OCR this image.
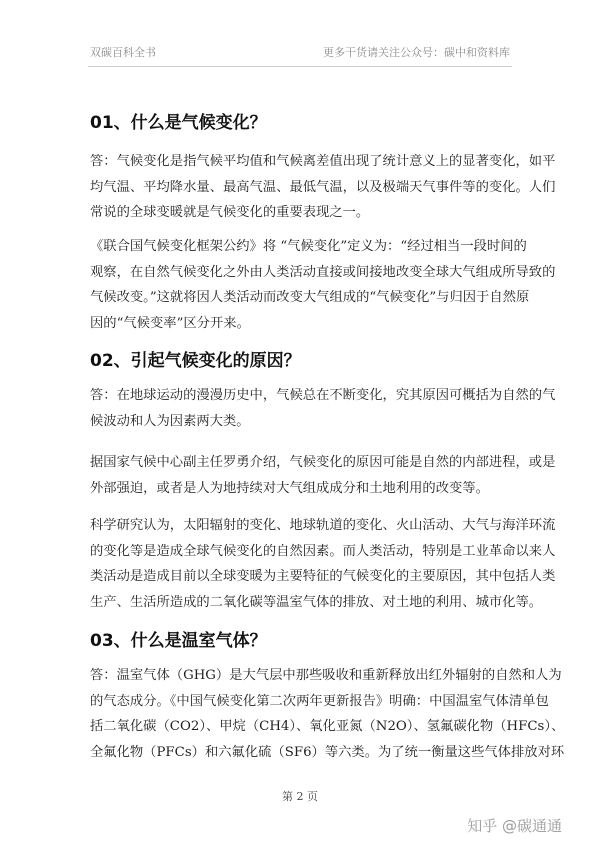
双碳百科全书	更多干货请关注公众号：碳中和资料库
01、什么是气候变化？
答：气候变化是指气候平均值和气候离差值出现了统计意义上的显著变化，如平
均气温、平均降水量、最高气温、最低气温，以及极端天气事件等的变化。人们
常说的全球变暖就是气候变化的重要表现之一。
《联合国气候变化框架公约》将 “气候变化”定义为：“经过相当一段时间的
观察，在自然气候变化之外由人类活动直接或间接地改变全球大气组成所导致的
气候改变。”这就将因人类活动而改变大气组成的“气候变化”与归因于自然原
因的“气候变率”区分开来。
02、引起气候变化的原因？
答：在地球运动的漫漫历史中，气候总在不断变化，究其原因可概括为自然的气
候波动和人为因素两大类。
据国家气候中心副主任罗勇介绍，气候变化的原因可能是自然的内部进程，或是
外部强迫，或者是人为地持续对大气组成成分和土地利用的改变等。
科学研究认为，太阳辐射的变化、地球轨道的变化、火山活动、大气与海洋环流
的变化等是造成全球气候变化的自然因素。而人类活动，特别是工业革命以来人
类活动是造成目前以全球变暖为主要特征的气候变化的主要原因，其中包括人类
生产、生活所造成的二氧化碳等温室气体的排放、对土地的利用、城市化等。
03、什么是温室气体？
答：温室气体（GHG）是大气层中那些吸收和重新释放出红外辐射的自然和人为
的气态成分。《中国气候变化第二次两年更新报告》明确：中国温室气体清单包
括二氧化碳（CO2）、甲烷（CH4）、氧化亚氮（N2O）、氢氟碳化物（HFCs）、
全氟化物（PFCs）和六氟化硫（SF6）等六类。为了统一衡量这些气体排放对环
第 2 页
知乎 @碳通通
